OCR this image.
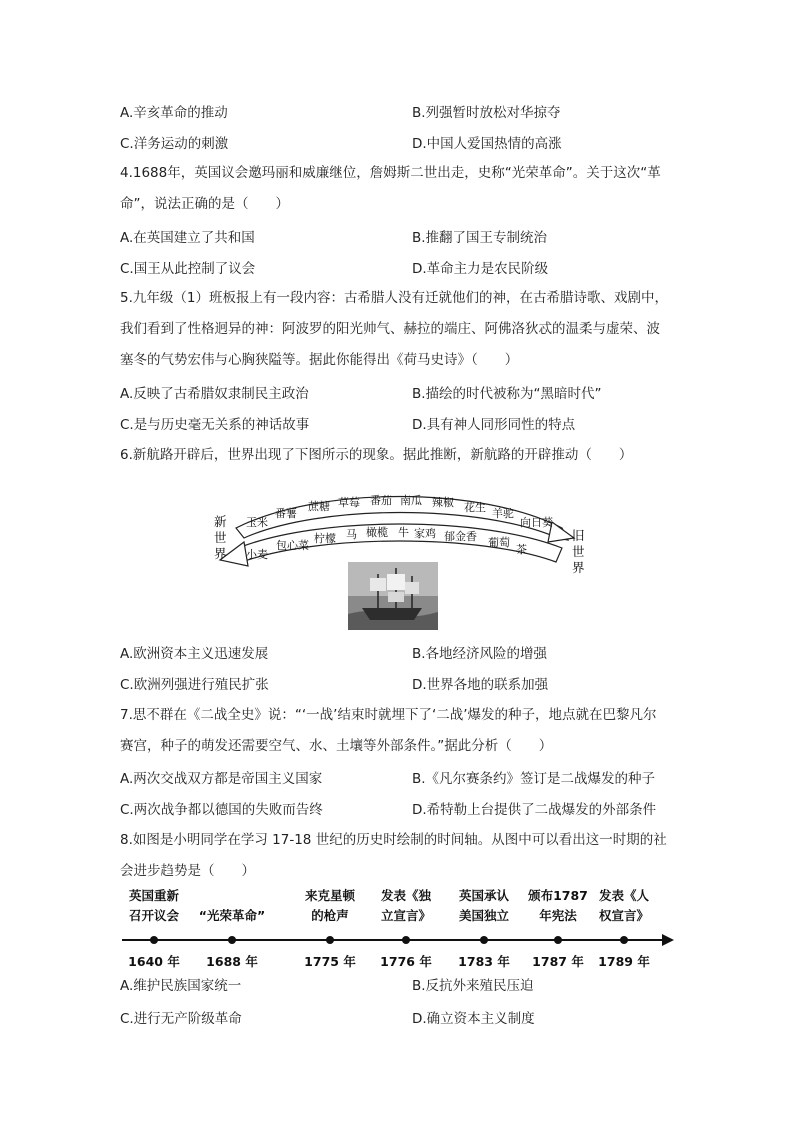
A.辛亥革命的推动	B.列强暂时放松对华掠夺
C.洋务运动的刺激	D.中国人爱国热情的高涨
4.1688年，英国议会邀玛丽和威廉继位，詹姆斯二世出走，史称“光荣革命”。关于这次“革
命”，说法正确的是（　　）
A.在英国建立了共和国	B.推翻了国王专制统治
C.国王从此控制了议会	D.革命主力是农民阶级
5.九年级（1）班板报上有一段内容：古希腊人没有迁就他们的神，在古希腊诗歌、戏剧中，
我们看到了性格迥异的神：阿波罗的阳光帅气、赫拉的端庄、阿佛洛狄忒的温柔与虚荣、波
塞冬的气势宏伟与心胸狭隘等。据此你能得出《荷马史诗》（　　）
A.反映了古希腊奴隶制民主政治	B.描绘的时代被称为“黑暗时代”
C.是与历史毫无关系的神话故事	D.具有神人同形同性的特点
6.新航路开辟后，世界出现了下图所示的现象。据此推断，新航路的开辟推动（　　）
新
世
界
旧
世
界
玉米
番薯
蔗糖 草莓 番茄 南瓜 辣椒 花生 羊驼
向日葵
小麦
包心菜
柠檬 马 橄榄 牛 家鸡 郁金香 葡萄
茶
A.欧洲资本主义迅速发展	B.各地经济风险的增强
C.欧洲列强进行殖民扩张	D.世界各地的联系加强
7.思不群在《二战全史》说：“‘一战’结束时就埋下了‘二战’爆发的种子，地点就在巴黎凡尔
赛宫，种子的萌发还需要空气、水、土壤等外部条件。”据此分析（　　）
A.两次交战双方都是帝国主义国家	B.《凡尔赛条约》签订是二战爆发的种子
C.两次战争都以德国的失败而告终	D.希特勒上台提供了二战爆发的外部条件
8.如图是小明同学在学习 17-18 世纪的历史时绘制的时间轴。从图中可以看出这一时期的社
会进步趋势是（　　）
英国重新
召开议会
1640 年
“光荣革命”
1688 年
来克星顿
的枪声
1775 年
发表《独
立宣言》
1776 年
英国承认
美国独立
1783 年
颁布1787
年宪法
1787 年
发表《人
权宣言》
1789 年
A.维护民族国家统一	B.反抗外来殖民压迫
C.进行无产阶级革命	D.确立资本主义制度
